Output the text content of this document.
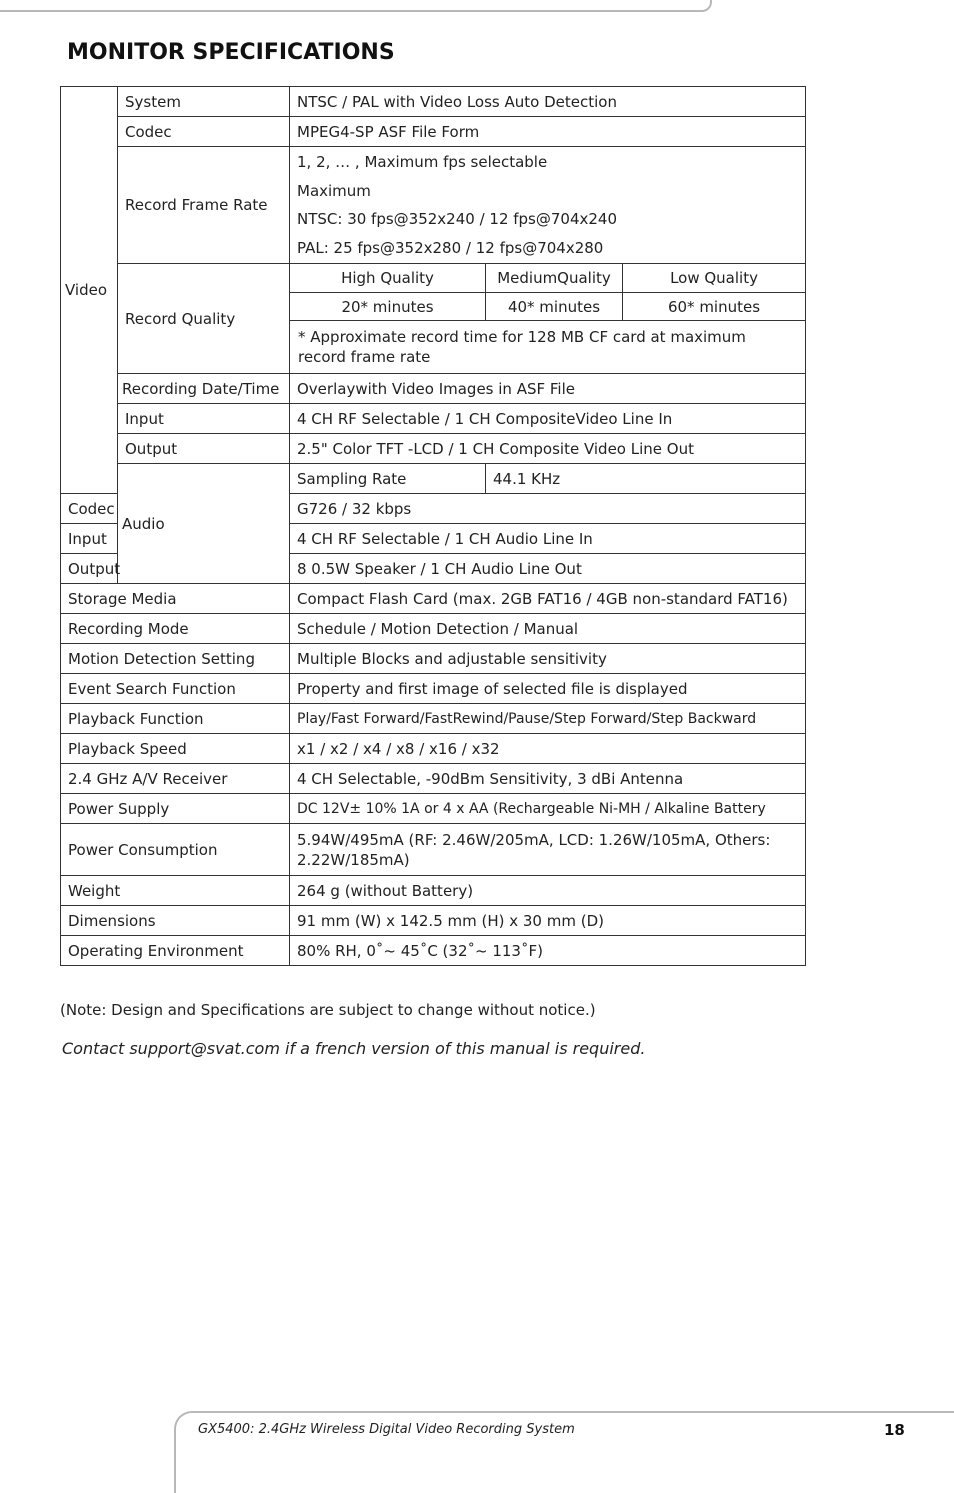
MONITOR SPECIFICATIONS
Video	System	NTSC / PAL with Video Loss Auto Detection		
	Codec	MPEG4-SP ASF File Form		
	Record Frame Rate	1, 2, … , Maximum fps selectable
Maximum
NTSC: 30 fps@352x240 / 12 fps@704x240
PAL: 25 fps@352x280 / 12 fps@704x280		

	Record Quality	High Quality	MediumQuality	Low Quality
		20* minutes	40* minutes	60* minutes
		* Approximate record time for 128 MB CF card at maximum record frame rate		
	Recording Date/Time	Overlaywith Video Images in ASF File		
	Input	4 CH RF Selectable / 1 CH CompositeVideo Line In		
	Output	2.5" Color TFT -LCD / 1 CH Composite Video Line Out		
	Audio	Sampling Rate	44.1 KHz	
Codec		G726 / 32 kbps		
Input		4 CH RF Selectable / 1 CH Audio Line In		
Output		8 0.5W Speaker / 1 CH Audio Line Out		
Storage Media		Compact Flash Card (max. 2GB FAT16 / 4GB non-standard FAT16)		
Recording Mode		Schedule / Motion Detection / Manual		
Motion Detection Setting		Multiple Blocks and adjustable sensitivity		
Event Search Function		Property and first image of selected file is displayed		
Playback Function		Play/Fast Forward/FastRewind/Pause/Step Forward/Step Backward		
Playback Speed		x1 / x2 / x4 / x8 / x16 / x32		
2.4 GHz A/V Receiver		4 CH Selectable, -90dBm Sensitivity, 3 dBi Antenna		
Power Supply		DC 12V± 10% 1A or 4 x AA (Rechargeable Ni-MH / Alkaline Battery		
Power Consumption		5.94W/495mA (RF: 2.46W/205mA, LCD: 1.26W/105mA, Others: 2.22W/185mA)		
Weight		264 g (without Battery)		
Dimensions		91 mm (W) x 142.5 mm (H) x 30 mm (D)		
Operating Environment		80% RH, 0˚~ 45˚C (32˚~ 113˚F)		
(Note: Design and Specifications are subject to change without notice.)
Contact support@svat.com if a french version of this manual is required.
GX5400: 2.4GHz Wireless Digital Video Recording System	18
